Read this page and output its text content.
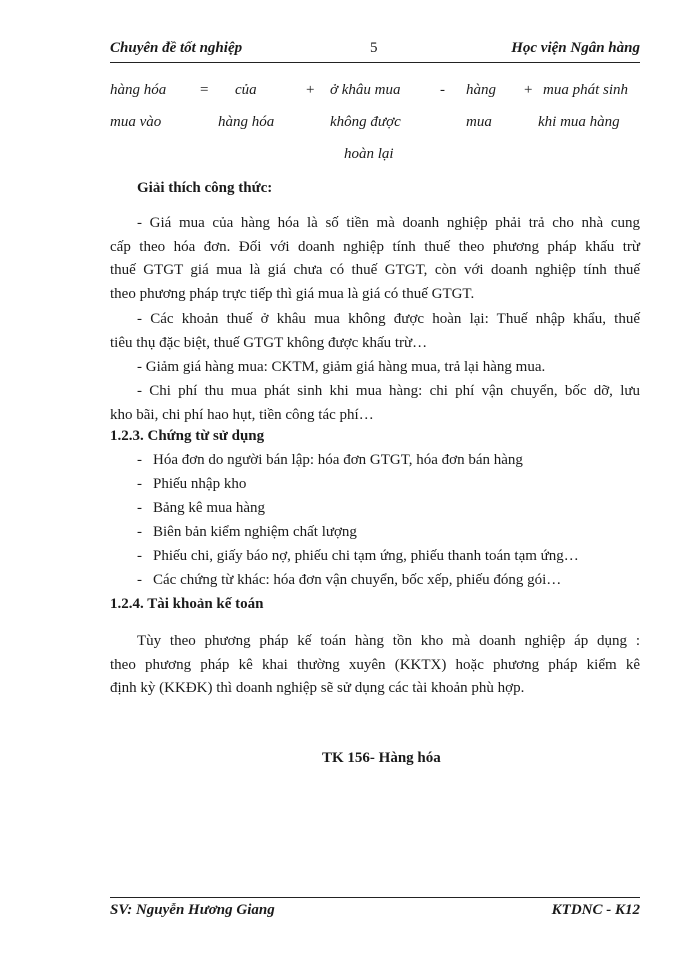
Chuyên đề tốt nghiệp	5	Học viện Ngân hàng
hàng hóa = của	+ ở khâu mua	- hàng + mua phát sinh
mua vào	hàng hóa	không được	mua	khi mua hàng
hoàn lại
Giải thích công thức:
- Giá mua của hàng hóa là số tiền mà doanh nghiệp phải trả cho nhà cung
cấp theo hóa đơn. Đối với doanh nghiệp tính thuế theo phương pháp khấu trừ
thuế GTGT giá mua là giá chưa có thuế GTGT, còn với doanh nghiệp tính thuế
theo phương pháp trực tiếp thì giá mua là giá có thuế GTGT.
- Các khoản thuế ở khâu mua không được hoàn lại: Thuế nhập khẩu, thuế
tiêu thụ đặc biệt, thuế GTGT không được khấu trừ…
- Giảm giá hàng mua: CKTM, giảm giá hàng mua, trả lại hàng mua.
- Chi phí thu mua phát sinh khi mua hàng: chi phí vận chuyển, bốc dỡ, lưu
kho bãi, chi phí hao hụt, tiền công tác phí…
1.2.3. Chứng từ sử dụng
- Hóa đơn do người bán lập: hóa đơn GTGT, hóa đơn bán hàng
- Phiếu nhập kho
- Bảng kê mua hàng
- Biên bản kiểm nghiệm chất lượng
- Phiếu chi, giấy báo nợ, phiếu chi tạm ứng, phiếu thanh toán tạm ứng…
- Các chứng từ khác: hóa đơn vận chuyển, bốc xếp, phiếu đóng gói…
1.2.4. Tài khoản kế toán
Tùy theo phương pháp kế toán hàng tồn kho mà doanh nghiệp áp dụng :
theo phương pháp kê khai thường xuyên (KKTX) hoặc phương pháp kiểm kê
định kỳ (KKĐK) thì doanh nghiệp sẽ sử dụng các tài khoản phù hợp.
TK 156- Hàng hóa
SV: Nguyễn Hương Giang	KTDNC - K12
